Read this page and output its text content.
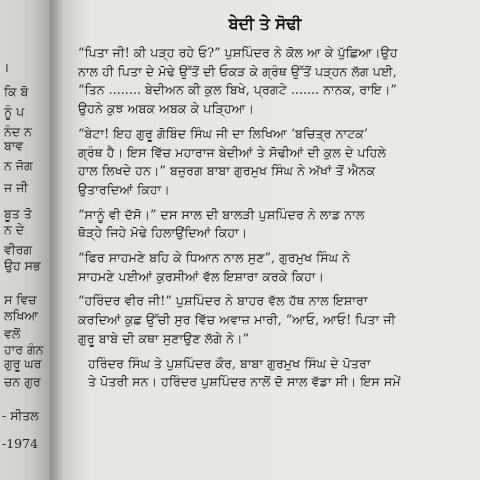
।
ਕਿ ਬੋ
ਨੂੰ ਪ
ਨੰਦ ਨ
ਬਾਵ
ਨ ਜੋਗ
ਜ ਜੀ
ਬੂਤ ਤੋ
ਨ ਦੇ
ਵੀਰਗ
ਉਹ ਸਭ
ਸ ਵਿਚ
ਲਖਿਆ
ਵਲੋਂ
ਹਾਰ ਗੰਨ
ਗੁਰੂ ਘਰ
ਚਨ ਗੁਰ
- ਸੀਤਲ
-1974
ਬੇਦੀ ਤੇ ਸੋਢੀ
“ਪਿਤਾ ਜੀ! ਕੀ ਪੜ੍ਹ ਰਹੇ ਓ?” ਪੁਸ਼ਪਿੰਦਰ ਨੇ ਕੋਲ ਆ ਕੇ ਪੁੱਛਿਆ।ਉਹ
ਨਾਲ ਹੀ ਪਿਤਾ ਦੇ ਮੋਢੇ ਉੱਤੋਂ ਦੀ ਓਕੜ ਕੇ ਗ੍ਰੰਥ ਉੱਤੋਂ ਪੜ੍ਹਨ ਲੱਗ ਪਈ,
“ਤਿਨ ........ ਬੇਦੀਅਨ ਕੀ ਕੁਲ ਬਿਖੇ, ਪ੍ਰਗਟੇ ....... ਨਾਨਕ, ਰਾਇ।”
ਉਹਨੇ ਕੁਝ ਅਬਕ ਅਬਕ ਕੇ ਪੜ੍ਹਿਆ।
“ਬੇਟਾ! ਇਹ ਗੁਰੂ ਗੋਬਿੰਦ ਸਿੰਘ ਜੀ ਦਾ ਲਿਖਿਆ ‘ਬਚਿਤ੍ਰ ਨਾਟਕ’
ਗ੍ਰੰਥ ਹੈ। ਇਸ ਵਿੱਚ ਮਹਾਰਾਜ ਬੇਦੀਆਂ ਤੇ ਸੋਢੀਆਂ ਦੀ ਕੁਲ ਦੇ ਪਹਿਲੇ
ਹਾਲ ਲਿਖਦੇ ਹਨ।” ਬਜ਼ੁਰਗ ਬਾਬਾ ਗੁਰਮੁਖ ਸਿੰਘ ਨੇ ਅੱਖਾਂ ਤੋਂ ਐਨਕ
ਉਤਾਰਦਿਆਂ ਕਿਹਾ।
“ਸਾਨੂੰ ਵੀ ਦੱਸੋ।” ਦਸ ਸਾਲ ਦੀ ਬਾਲੜੀ ਪੁਸ਼ਪਿੰਦਰ ਨੇ ਲਾਡ ਨਾਲ
ਥੋੜ੍ਹੇ ਜਿਹੇ ਮੋਢੇ ਹਿਲਾਉਂਦਿਆਂ ਕਿਹਾ।
“ਫਿਰ ਸਾਹਮਣੇ ਬਹਿ ਕੇ ਧਿਆਨ ਨਾਲ ਸੁਣ”, ਗੁਰਮੁਖ ਸਿੰਘ ਨੇ
ਸਾਹਮਣੇ ਪਈਆਂ ਕੁਰਸੀਆਂ ਵੱਲ ਇਸ਼ਾਰਾ ਕਰਕੇ ਕਿਹਾ।
“ਹਰਿੰਦਰ ਵੀਰ ਜੀ!” ਪੁਸ਼ਪਿੰਦਰ ਨੇ ਬਾਹਰ ਵੱਲ ਹੱਥ ਨਾਲ ਇਸ਼ਾਰਾ
ਕਰਦਿਆਂ ਕੁਛ ਉੱਚੀ ਸੁਰ ਵਿੱਚ ਅਵਾਜ਼ ਮਾਰੀ, “ਆਓ, ਆਓ! ਪਿਤਾ ਜੀ
ਗੁਰੂ ਬਾਬੇ ਦੀ ਕਥਾ ਸੁਣਾਉਣ ਲੱਗੇ ਨੇ।”
ਹਰਿੰਦਰ ਸਿੰਘ ਤੇ ਪੁਸ਼ਪਿੰਦਰ ਕੌਰ, ਬਾਬਾ ਗੁਰਮੁਖ ਸਿੰਘ ਦੇ ਪੋਤਰਾ
ਤੇ ਪੋਤਰੀ ਸਨ। ਹਰਿੰਦਰ ਪੁਸ਼ਪਿੰਦਰ ਨਾਲੋਂ ਦੋ ਸਾਲ ਵੱਡਾ ਸੀ। ਇਸ ਸਮੇਂ
